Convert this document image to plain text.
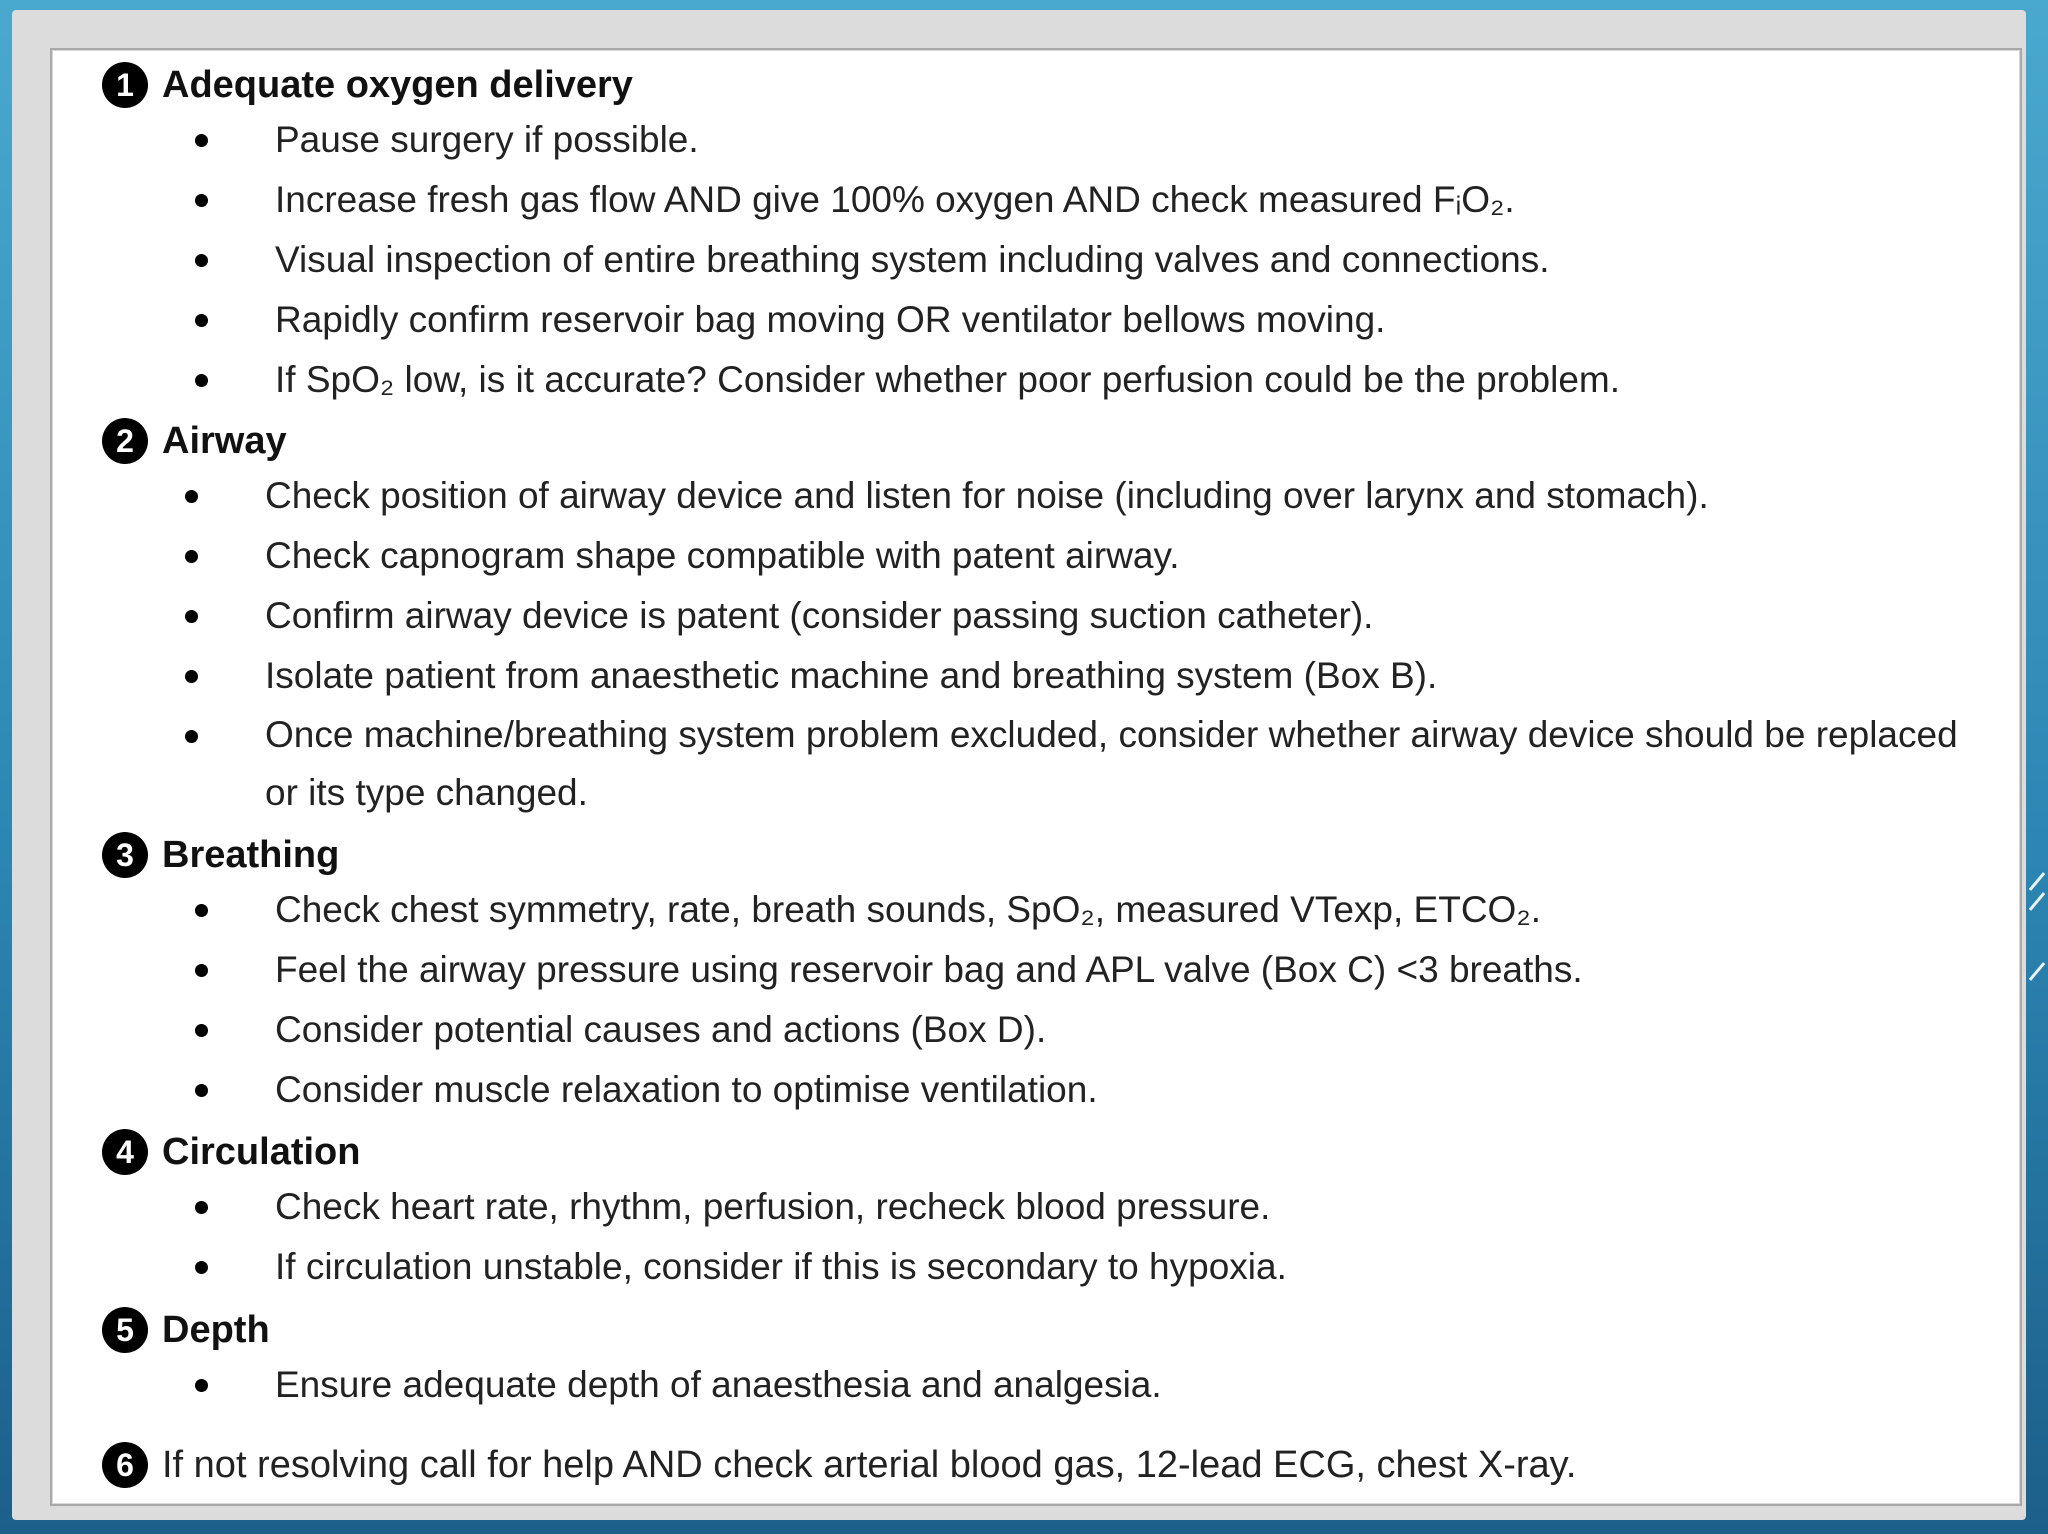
1 Adequate oxygen delivery
Pause surgery if possible.
Increase fresh gas flow AND give 100% oxygen AND check measured FᵢO₂.
Visual inspection of entire breathing system including valves and connections.
Rapidly confirm reservoir bag moving OR ventilator bellows moving.
If SpO₂ low, is it accurate? Consider whether poor perfusion could be the problem.
2 Airway
Check position of airway device and listen for noise (including over larynx and stomach).
Check capnogram shape compatible with patent airway.
Confirm airway device is patent (consider passing suction catheter).
Isolate patient from anaesthetic machine and breathing system (Box B).
Once machine/breathing system problem excluded, consider whether airway device should be replaced or its type changed.
3 Breathing
Check chest symmetry, rate, breath sounds, SpO₂, measured VTexp, ETCO₂.
Feel the airway pressure using reservoir bag and APL valve (Box C) <3 breaths.
Consider potential causes and actions (Box D).
Consider muscle relaxation to optimise ventilation.
4 Circulation
Check heart rate, rhythm, perfusion, recheck blood pressure.
If circulation unstable, consider if this is secondary to hypoxia.
5 Depth
Ensure adequate depth of anaesthesia and analgesia.
6 If not resolving call for help AND check arterial blood gas, 12-lead ECG, chest X-ray.
